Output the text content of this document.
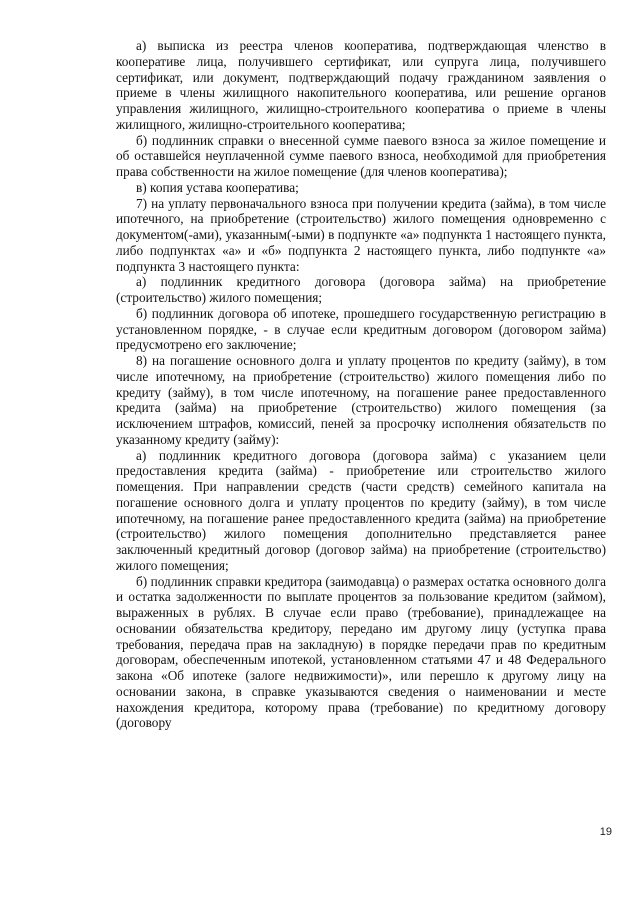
а) выписка из реестра членов кооператива, подтверждающая членство в кооперативе лица, получившего сертификат, или супруга лица, получившего сертификат, или документ, подтверждающий подачу гражданином заявления о приеме в члены жилищного накопительного кооператива, или решение органов управления жилищного, жилищно-строительного кооператива о приеме в члены жилищного, жилищно-строительного кооператива;

б) подлинник справки о внесенной сумме паевого взноса за жилое помещение и об оставшейся неуплаченной сумме паевого взноса, необходимой для приобретения права собственности на жилое помещение (для членов кооператива);

в) копия устава кооператива;

7) на уплату первоначального взноса при получении кредита (займа), в том числе ипотечного, на приобретение (строительство) жилого помещения одновременно с документом(-ами), указанным(-ыми) в подпункте «а» подпункта 1 настоящего пункта, либо подпунктах «а» и «б» подпункта 2 настоящего пункта, либо подпункте «а» подпункта 3 настоящего пункта:

а) подлинник кредитного договора (договора займа) на приобретение (строительство) жилого помещения;

б) подлинник договора об ипотеке, прошедшего государственную регистрацию в установленном порядке, - в случае если кредитным договором (договором займа) предусмотрено его заключение;

8) на погашение основного долга и уплату процентов по кредиту (займу), в том числе ипотечному, на приобретение (строительство) жилого помещения либо по кредиту (займу), в том числе ипотечному, на погашение ранее предоставленного кредита (займа) на приобретение (строительство) жилого помещения (за исключением штрафов, комиссий, пеней за просрочку исполнения обязательств по указанному кредиту (займу):

а) подлинник кредитного договора (договора займа) с указанием цели предоставления кредита (займа) - приобретение или строительство жилого помещения. При направлении средств (части средств) семейного капитала на погашение основного долга и уплату процентов по кредиту (займу), в том числе ипотечному, на погашение ранее предоставленного кредита (займа) на приобретение (строительство) жилого помещения дополнительно представляется ранее заключенный кредитный договор (договор займа) на приобретение (строительство) жилого помещения;

б) подлинник справки кредитора (заимодавца) о размерах остатка основного долга и остатка задолженности по выплате процентов за пользование кредитом (займом), выраженных в рублях. В случае если право (требование), принадлежащее на основании обязательства кредитору, передано им другому лицу (уступка права требования, передача прав на закладную) в порядке передачи прав по кредитным договорам, обеспеченным ипотекой, установленном статьями 47 и 48 Федерального закона «Об ипотеке (залоге недвижимости)», или перешло к другому лицу на основании закона, в справке указываются сведения о наименовании и месте нахождения кредитора, которому права (требование) по кредитному договору (договору

19
